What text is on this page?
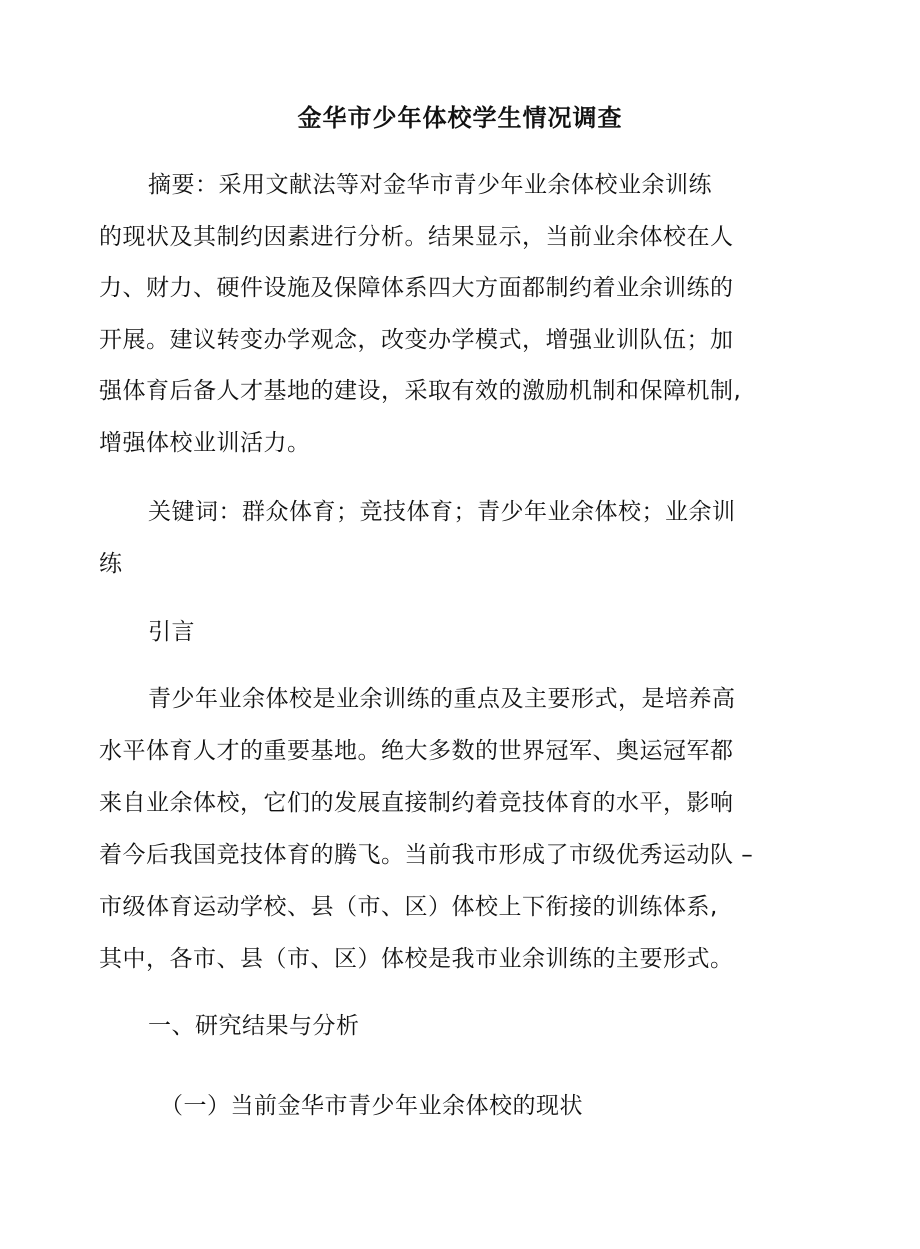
金华市少年体校学生情况调查
摘要：采用文献法等对金华市青少年业余体校业余训练
的现状及其制约因素进行分析。结果显示，当前业余体校在人
力、财力、硬件设施及保障体系四大方面都制约着业余训练的
开展。建议转变办学观念，改变办学模式，增强业训队伍；加
强体育后备人才基地的建设，采取有效的激励机制和保障机制,
增强体校业训活力。
关键词：群众体育；竞技体育；青少年业余体校；业余训
练
引言
青少年业余体校是业余训练的重点及主要形式，是培养高
水平体育人才的重要基地。绝大多数的世界冠军、奥运冠军都
来自业余体校，它们的发展直接制约着竞技体育的水平，影响
着今后我国竞技体育的腾飞。当前我市形成了市级优秀运动队 –
市级体育运动学校、县（市、区）体校上下衔接的训练体系,
其中，各市、县（市、区）体校是我市业余训练的主要形式。
一、研究结果与分析
（一）当前金华市青少年业余体校的现状
